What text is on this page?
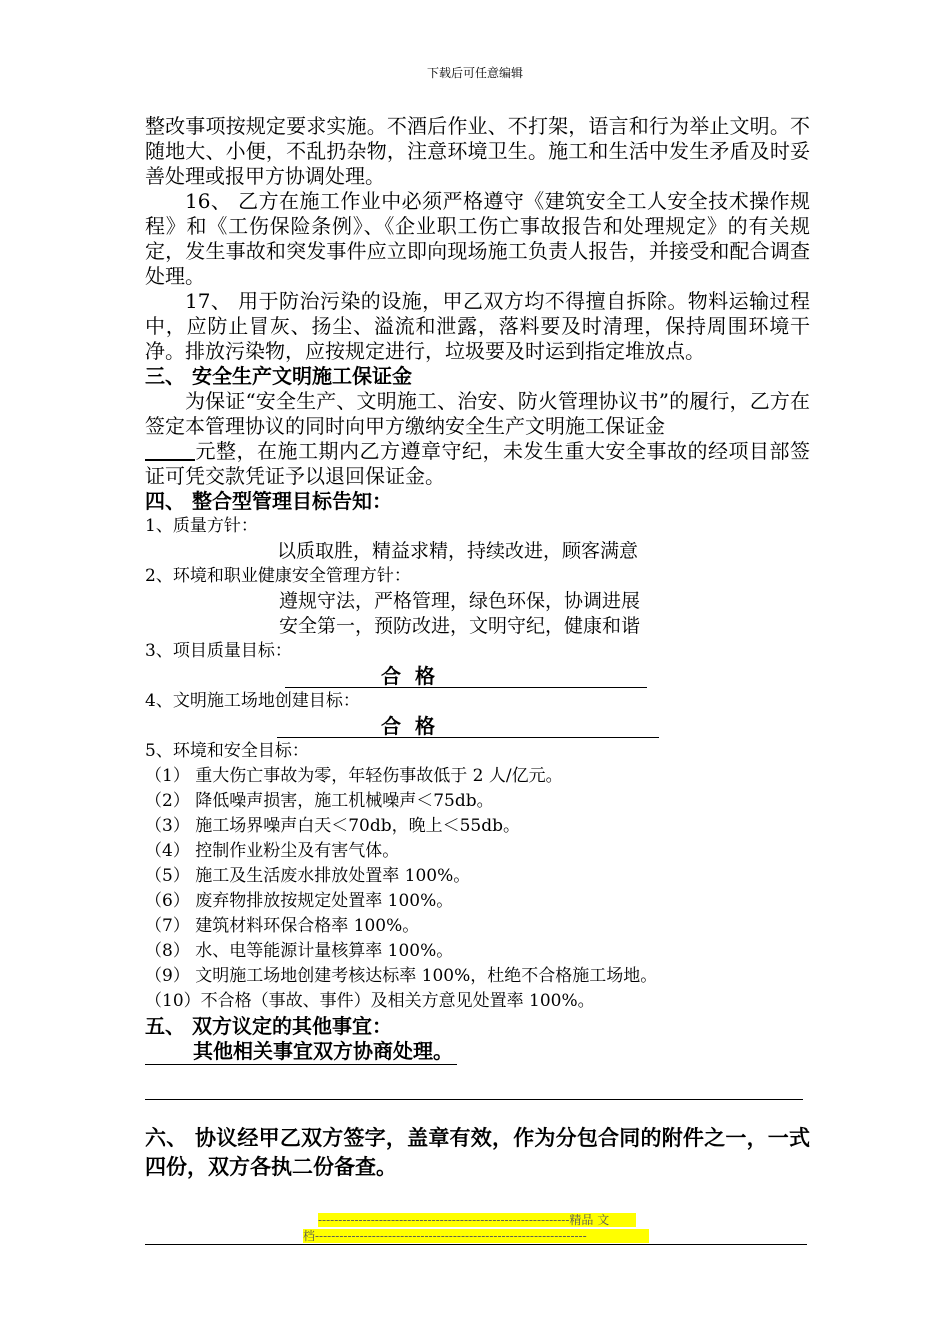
下载后可任意编辑

整改事项按规定要求实施。不酒后作业、不打架，语言和行为举止文明。不随地大、小便，不乱扔杂物，注意环境卫生。施工和生活中发生矛盾及时妥善处理或报甲方协调处理。

16、 乙方在施工作业中必须严格遵守《建筑安全工人安全技术操作规程》和《工伤保险条例》、《企业职工伤亡事故报告和处理规定》的有关规定，发生事故和突发事件应立即向现场施工负责人报告，并接受和配合调查处理。

17、 用于防治污染的设施，甲乙双方均不得擅自拆除。物料运输过程中，应防止冒灰、扬尘、溢流和泄露，落料要及时清理，保持周围环境干净。排放污染物，应按规定进行，垃圾要及时运到指定堆放点。

三、 安全生产文明施工保证金

为保证“安全生产、文明施工、治安、防火管理协议书”的履行，乙方在签定本管理协议的同时向甲方缴纳安全生产文明施工保证金

元整，在施工期内乙方遵章守纪，未发生重大安全事故的经项目部签证可凭交款凭证予以退回保证金。

四、 整合型管理目标告知：

1、质量方针：

以质取胜，精益求精，持续改进，顾客满意

2、环境和职业健康安全管理方针：

遵规守法，严格管理，绿色环保，协调进展

安全第一，预防改进，文明守纪，健康和谐

3、项目质量目标：

合格

4、文明施工场地创建目标：

合格

5、环境和安全目标：

（1） 重大伤亡事故为零，年轻伤事故低于 2 人/亿元。

（2） 降低噪声损害，施工机械噪声＜75db。

（3） 施工场界噪声白天＜70db，晚上＜55db。

（4） 控制作业粉尘及有害气体。

（5） 施工及生活废水排放处置率 100%。

（6） 废弃物排放按规定处置率 100%。

（7） 建筑材料环保合格率 100%。

（8） 水、电等能源计量核算率 100%。

（9） 文明施工场地创建考核达标率 100%，杜绝不合格施工场地。

（10）不合格（事故、事件）及相关方意见处置率 100%。

五、 双方议定的其他事宜：

其他相关事宜双方协商处理。

六、 协议经甲乙双方签字，盖章有效，作为分包合同的附件之一，一式四份，双方各执二份备查。

--------------------------------------------------------------精品 文
档-------------------------------------------------------------------
